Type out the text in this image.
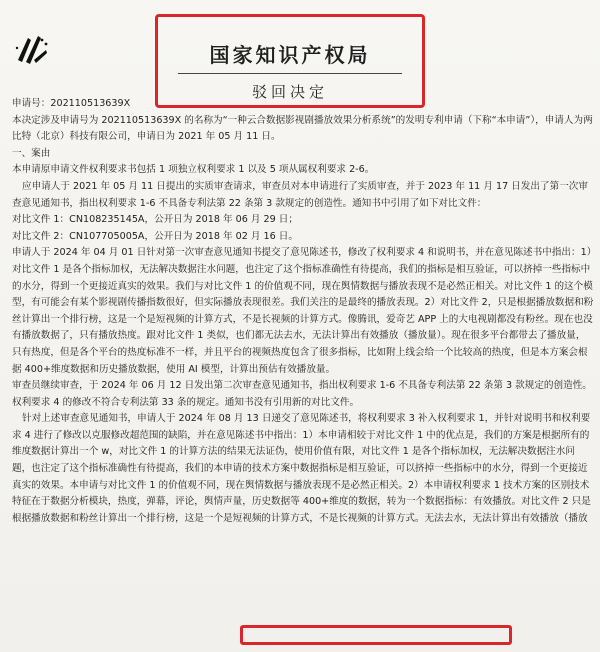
国家知识产权局
驳回决定

申请号：202110513639X

本决定涉及申请号为 202110513639X 的名称为“一种云合数据影视剧播放效果分析系统”的发明专利申请（下称“本申请”），申请人为两比特（北京）科技有限公司，申请日为 2021 年 05 月 11 日。

一、案由

本申请原申请文件权利要求书包括 1 项独立权利要求 1 以及 5 项从属权利要求 2-6。

应申请人于 2021 年 05 月 11 日提出的实质审查请求，审查员对本申请进行了实质审查，并于 2023 年 11 月 17 日发出了第一次审查意见通知书，指出权利要求 1-6 不具备专利法第 22 条第 3 款规定的创造性。通知书中引用了如下对比文件：

对比文件 1：CN108235145A，公开日为 2018 年 06 月 29 日；

对比文件 2：CN107705005A，公开日为 2018 年 02 月 16 日。

申请人于 2024 年 04 月 01 日针对第一次审查意见通知书提交了意见陈述书，修改了权利要求 4 和说明书，并在意见陈述书中指出：1）对比文件 1 是各个指标加权，无法解决数据注水问题，也注定了这个指标准确性有待提高，我们的指标是相互验证，可以挤掉一些指标中的水分，得到一个更接近真实的效果。我们与对比文件 1 的价值观不同，现在舆情数据与播放表现不是必然正相关。对比文件 1 的这个模型，有可能会有某个影视剧传播指数很好，但实际播放表现很差。我们关注的是最终的播放表现。2）对比文件 2，只是根据播放数据和粉丝计算出一个排行榜，这是一个是短视频的计算方式，不是长视频的计算方式。像腾讯，爱奇艺 APP 上的大电视剧都没有粉丝。现在也没有播放数据了，只有播放热度。跟对比文件 1 类似，也们都无法去水，无法计算出有效播放（播放量）。现在很多平台都带去了播放量，只有热度，但是各个平台的热度标准不一样，并且平台的视频热度包含了很多指标，比如附上线会给一个比较高的热度，但是本方案会根据 400+维度数据和历史播放数据，使用 AI 模型，计算出预估有效播放量。

审查员继续审查，于 2024 年 06 月 12 日发出第二次审查意见通知书，指出权利要求 1-6 不具备专利法第 22 条第 3 款规定的创造性。权利要求 4 的修改不符合专利法第 33 条的规定。通知书没有引用新的对比文件。

针对上述审查意见通知书，申请人于 2024 年 08 月 13 日递交了意见陈述书，将权利要求 3 补入权利要求 1，并针对说明书和权利要求 4 进行了修改以克服修改超范围的缺陷，并在意见陈述书中指出：1）本申请相较于对比文件 1 中的优点是，我们的方案是根据所有的维度数据计算出一个 w，对比文件 1 的计算方法的结果无法证伪，使用价值有限，对比文件 1 是各个指标加权，无法解决数据注水问题，也注定了这个指标准确性有待提高，我们的本申请的技术方案中数据指标是相互验证，可以挤掉一些指标中的水分，得到一个更接近真实的效果。本申请与对比文件 1 的价值观不同，现在舆情数据与播放表现不是必然正相关。2）本申请权利要求 1 技术方案的区别技术特征在于数据分析模块，热度，弹幕，评论，舆情声量，历史数据等 400+维度的数据，转为一个数据指标：有效播放。对比文件 2 只是根据播放数据和粉丝计算出一个排行榜，这是一个是短视频的计算方式，不是长视频的计算方式。无法去水，无法计算出有效播放（播放
